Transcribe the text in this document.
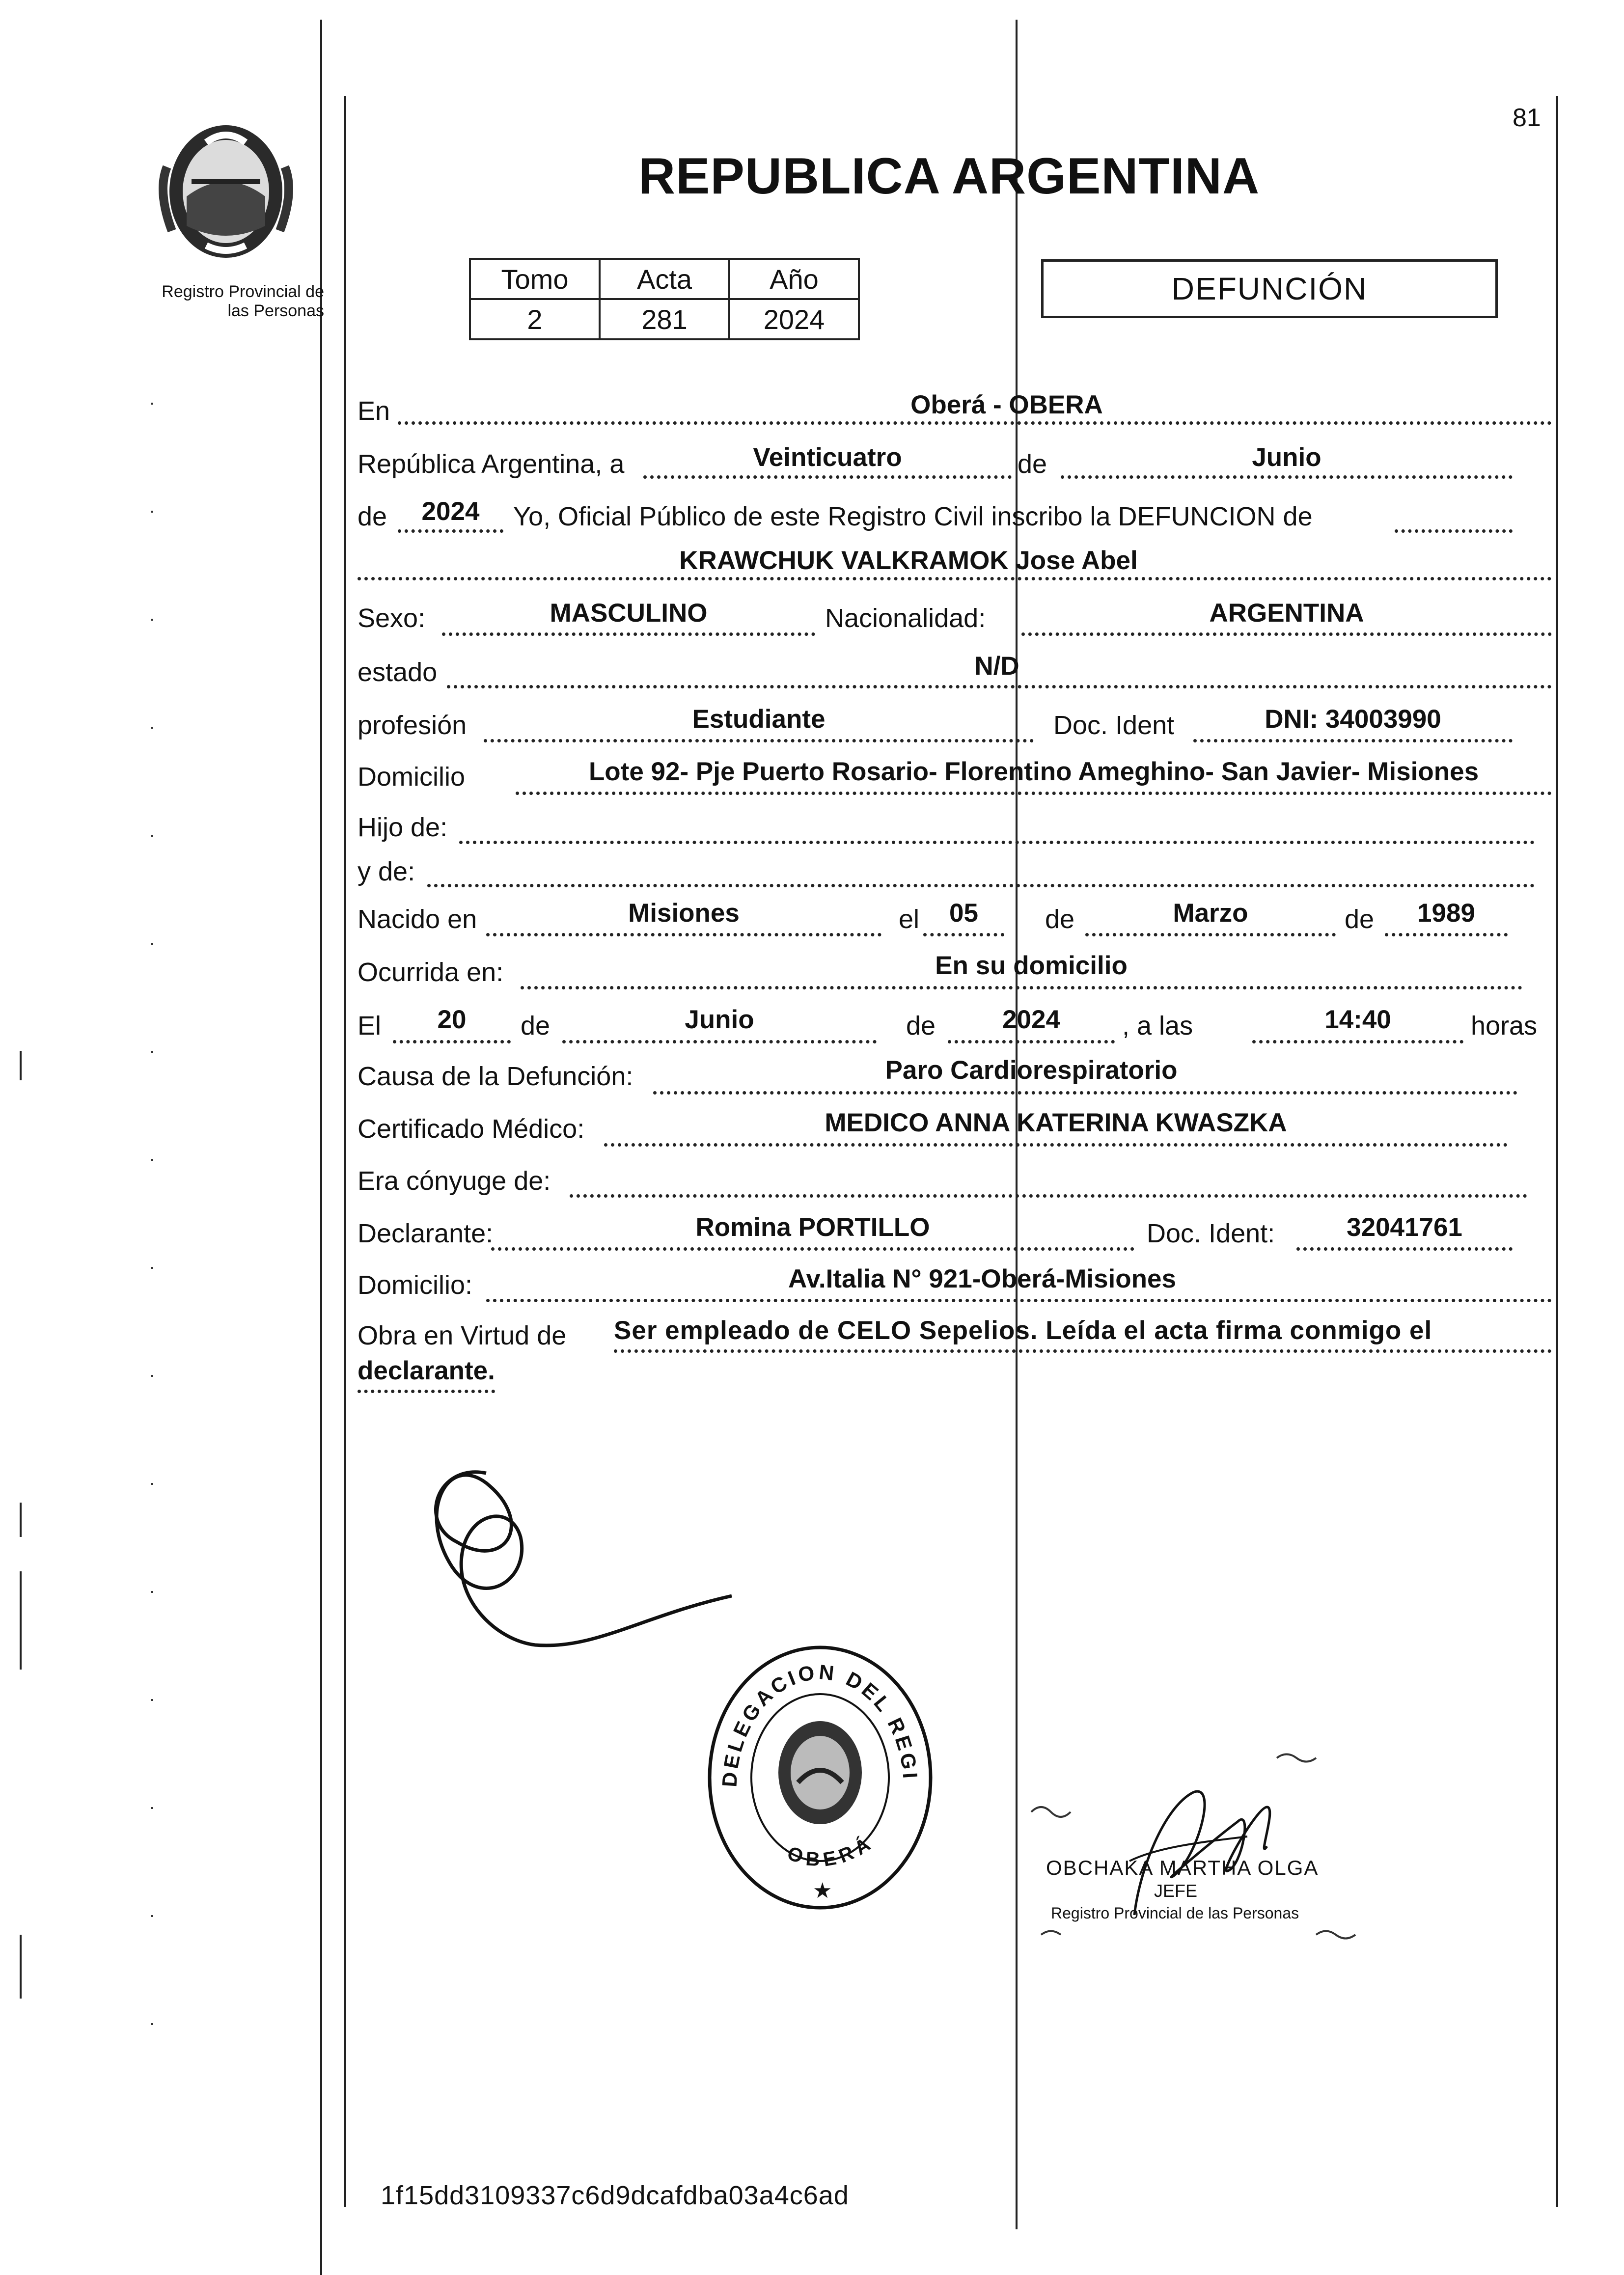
Registro Provincial de
las Personas
81
REPUBLICA ARGENTINA
Tomo	Acta	Año
2	281	2024
DEFUNCIÓN
En	Oberá - OBERA
República Argentina, a	Veinticuatro	de	Junio
de	2024	Yo, Oficial Público de este Registro Civil inscribo la DEFUNCION de
KRAWCHUK VALKRAMOK Jose Abel
Sexo:	MASCULINO	Nacionalidad:	ARGENTINA
estado	N/D
profesión	Estudiante	Doc. Ident	DNI: 34003990
Domicilio	Lote 92- Pje Puerto Rosario- Florentino Ameghino- San Javier- Misiones
Hijo de:
y de:
Nacido en	Misiones	el	05	de	Marzo	de	1989
Ocurrida en:	En su domicilio
El	20	de	Junio	de	2024	, a las	14:40	horas
Causa de la Defunción:	Paro Cardiorespiratorio
Certificado Médico:	MEDICO ANNA KATERINA KWASZKA
Era cónyuge de:
Declarante:	Romina PORTILLO	Doc. Ident:	32041761
Domicilio:	Av.Italia N° 921-Oberá-Misiones
Obra en Virtud de Ser empleado de CELO Sepelios. Leída el acta firma conmigo el
declarante.
DELEGACION DEL REGI
OBERÁ
★
OBCHAKA MARTHA OLGA
JEFE
Registro Provincial de las Personas
1f15dd3109337c6d9dcafdba03a4c6ad
